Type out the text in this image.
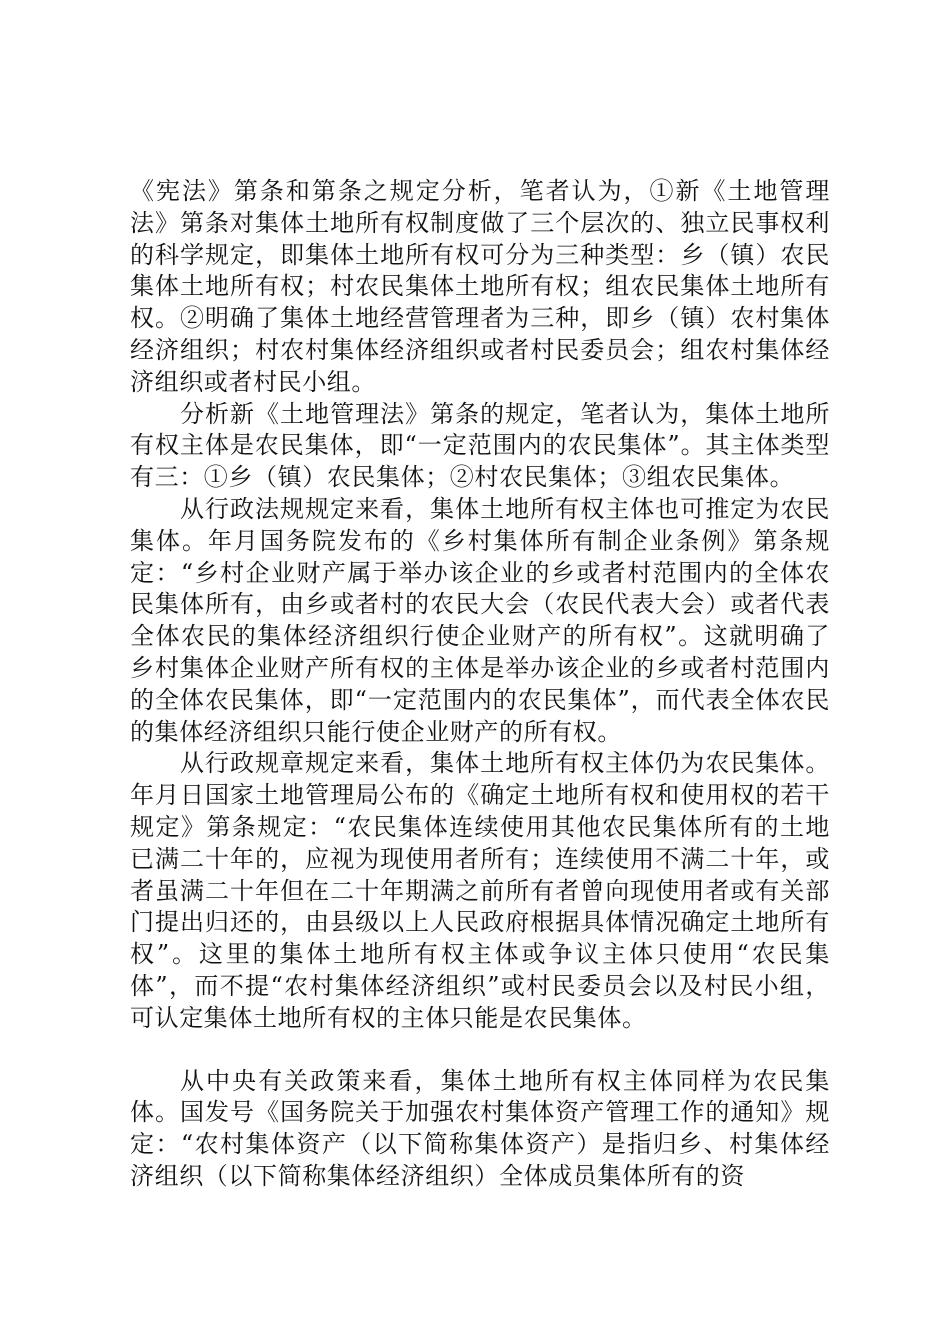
《宪法》第条和第条之规定分析，笔者认为，①新《土地管理法》第条对集体土地所有权制度做了三个层次的、独立民事权利的科学规定，即集体土地所有权可分为三种类型：乡（镇）农民集体土地所有权；村农民集体土地所有权；组农民集体土地所有权。②明确了集体土地经营管理者为三种，即乡（镇）农村集体经济组织；村农村集体经济组织或者村民委员会；组农村集体经济组织或者村民小组。

分析新《土地管理法》第条的规定，笔者认为，集体土地所有权主体是农民集体，即“一定范围内的农民集体”。其主体类型有三：①乡（镇）农民集体；②村农民集体；③组农民集体。

从行政法规规定来看，集体土地所有权主体也可推定为农民集体。年月国务院发布的《乡村集体所有制企业条例》第条规定：“乡村企业财产属于举办该企业的乡或者村范围内的全体农民集体所有，由乡或者村的农民大会（农民代表大会）或者代表全体农民的集体经济组织行使企业财产的所有权”。这就明确了乡村集体企业财产所有权的主体是举办该企业的乡或者村范围内的全体农民集体，即“一定范围内的农民集体”，而代表全体农民的集体经济组织只能行使企业财产的所有权。

从行政规章规定来看，集体土地所有权主体仍为农民集体。年月日国家土地管理局公布的《确定土地所有权和使用权的若干规定》第条规定：“农民集体连续使用其他农民集体所有的土地已满二十年的，应视为现使用者所有；连续使用不满二十年，或者虽满二十年但在二十年期满之前所有者曾向现使用者或有关部门提出归还的，由县级以上人民政府根据具体情况确定土地所有权”。这里的集体土地所有权主体或争议主体只使用“农民集体”，而不提“农村集体经济组织”或村民委员会以及村民小组，可认定集体土地所有权的主体只能是农民集体。

从中央有关政策来看，集体土地所有权主体同样为农民集体。国发号《国务院关于加强农村集体资产管理工作的通知》规定：“农村集体资产（以下简称集体资产）是指归乡、村集体经济组织（以下简称集体经济组织）全体成员集体所有的资
